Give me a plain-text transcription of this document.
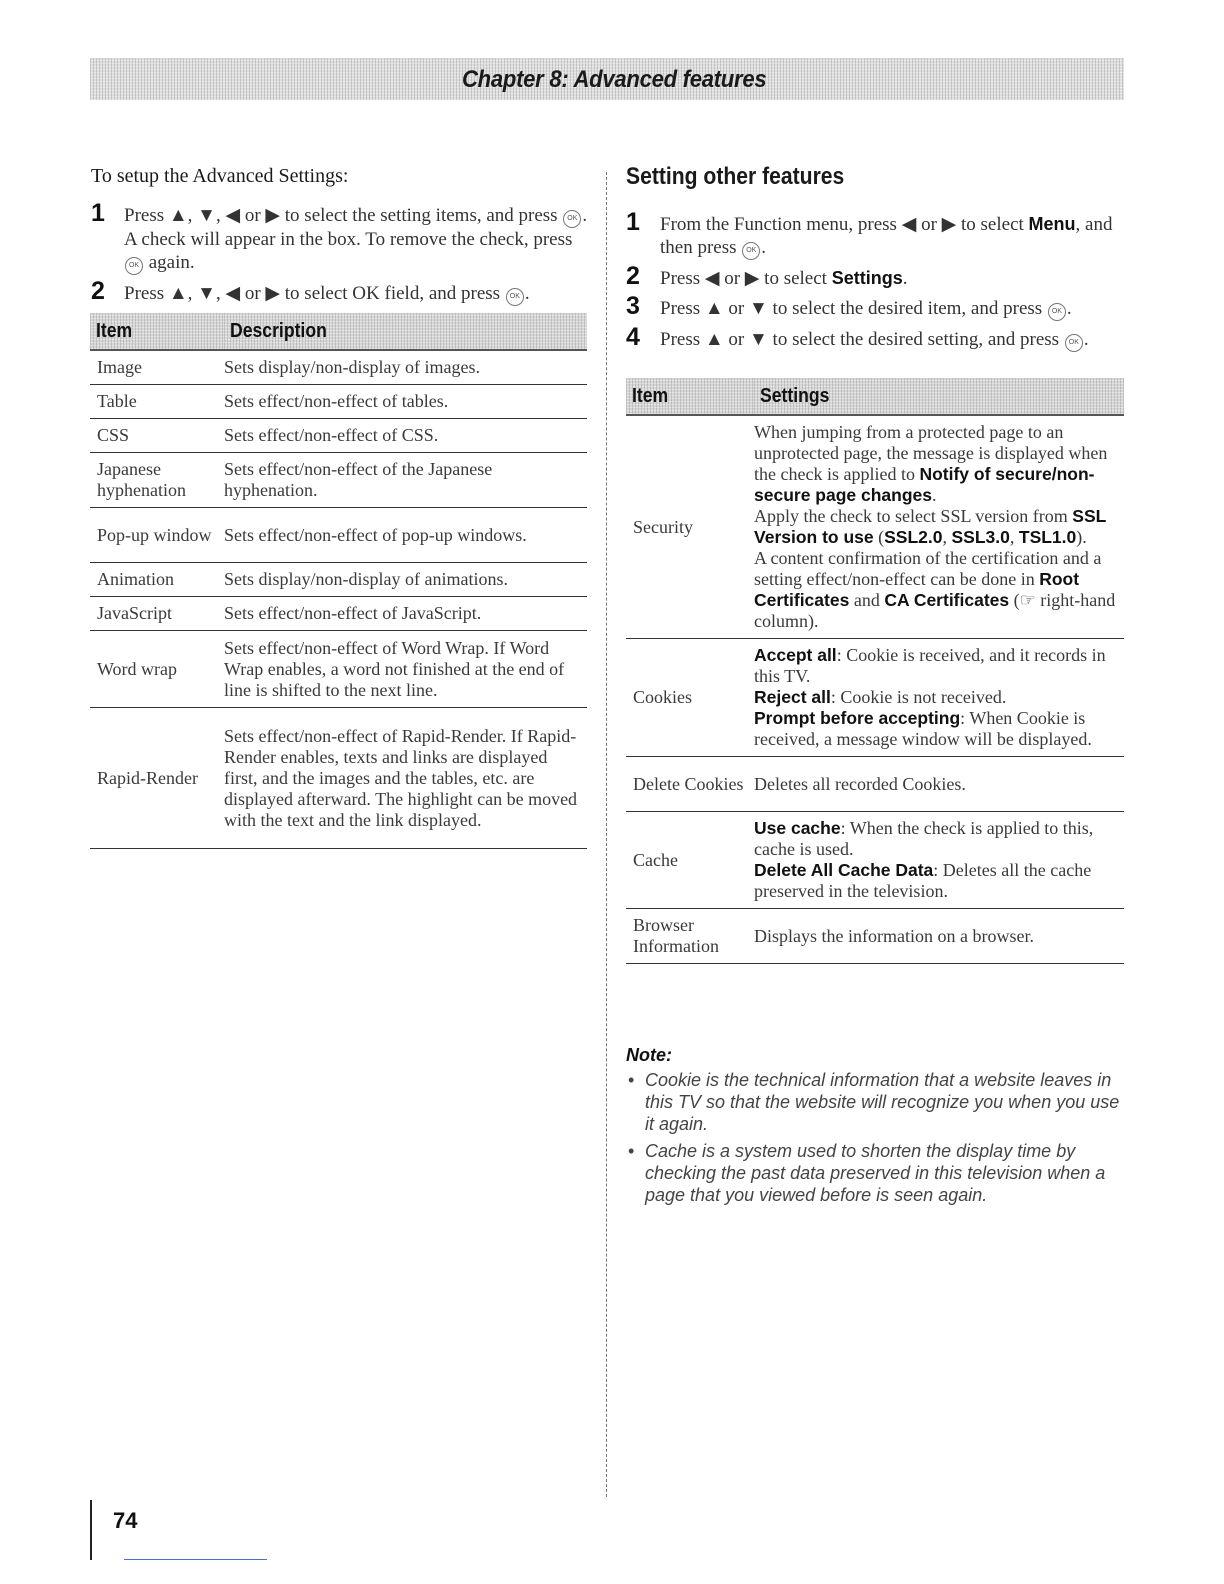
Chapter 8: Advanced features
To setup the Advanced Settings:
1	Press ▲, ▼, ◀ or ▶ to select the setting items, and press OK . A check will appear in the box. To remove the check, press OK again.
2	Press ▲, ▼, ◀ or ▶ to select OK field, and press OK .
Item	Description
Image	Sets display/non-display of images.
Table	Sets effect/non-effect of tables.
CSS	Sets effect/non-effect of CSS.
Japanese hyphenation	Sets effect/non-effect of the Japanese hyphenation.
Pop-up window	Sets effect/non-effect of pop-up windows.
Animation	Sets display/non-display of animations.
JavaScript	Sets effect/non-effect of JavaScript.
Word wrap	Sets effect/non-effect of Word Wrap. If Word Wrap enables, a word not finished at the end of line is shifted to the next line.
Rapid-Render	Sets effect/non-effect of Rapid-Render. If Rapid-Render enables, texts and links are displayed first, and the images and the tables, etc. are displayed afterward. The highlight can be moved with the text and the link displayed.
Setting other features
1	From the Function menu, press ◀ or ▶ to select Menu, and then press OK .
2	Press ◀ or ▶ to select Settings.
3	Press ▲ or ▼ to select the desired item, and press OK .
4	Press ▲ or ▼ to select the desired setting, and press OK .
Item	Settings
Security	When jumping from a protected page to an unprotected page, the message is displayed when the check is applied to Notify of secure/non-secure page changes.
Apply the check to select SSL version from SSL Version to use (SSL2.0, SSL3.0, TSL1.0).
A content confirmation of the certification and a setting effect/non-effect can be done in Root Certificates and CA Certificates (☞ right-hand column).
Cookies	Accept all: Cookie is received, and it records in this TV.
Reject all: Cookie is not received.
Prompt before accepting: When Cookie is received, a message window will be displayed.
Delete Cookies	Deletes all recorded Cookies.
Cache	Use cache: When the check is applied to this, cache is used.
Delete All Cache Data: Deletes all the cache preserved in the television.
Browser Information	Displays the information on a browser.
Note:
• Cookie is the technical information that a website leaves in this TV so that the website will recognize you when you use it again.
• Cache is a system used to shorten the display time by checking the past data preserved in this television when a page that you viewed before is seen again.
74
